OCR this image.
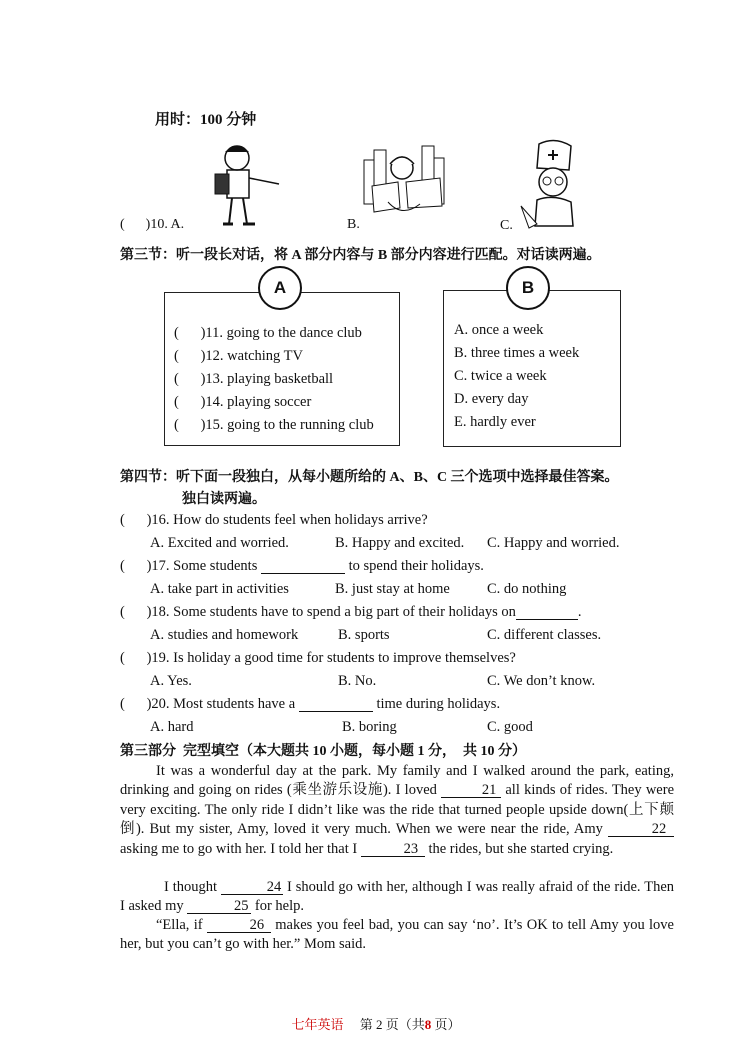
用时：100 分钟
(      )10. A.	B.	C.
第三节：听一段长对话，将 A 部分内容与 B 部分内容进行匹配。对话读两遍。
(      )11. going to the dance club
(      )12. watching TV
(      )13. playing basketball
(      )14. playing soccer
(      )15. going to the running club
A
A. once a week
B. three times a week
C. twice a week
D. every day
E. hardly ever
B
第四节：听下面一段独白，从每小题所给的 A、B、C 三个选项中选择最佳答案。
独白读两遍。
(      )16. How do students feel when holidays arrive?
A. Excited and worried.	B. Happy and excited. C. Happy and worried.
(      )17. Some students	to spend their holidays.
A. take part in activities	B. just stay at home	C. do nothing
(      )18. Some students have to spend a big part of their holidays on	.
A. studies and homework	B. sports	C. different classes.
(      )19. Is holiday a good time for students to improve themselves?
A. Yes.	B. No.	C. We don’t know.
(      )20. Most students have a	time during holidays.
A. hard	B. boring	C. good
第三部分  完型填空（本大题共 10 小题，每小题 1 分，  共 10 分）
It was a wonderful day at the park. My family and I walked around the park, eating, drinking and going on rides (乘坐游乐设施). I loved	21 all kinds of rides. They were very exciting. The only ride I didn’t like was the ride that turned people upside down(上下颠倒). But my sister, Amy, loved it very much. When we were near the ride, Amy	22asking me to go with her. I told her that I	23 the rides, but she started crying.
I thought	24 I should go with her, although I was really afraid of the ride. Then I asked my	25 for help.
“Ella, if	26 makes you feel bad, you can say ‘no’. It’s OK to tell Amy you love her, but you can’t go with her.” Mom said.
七年英语 第 2 页（共8 页）
